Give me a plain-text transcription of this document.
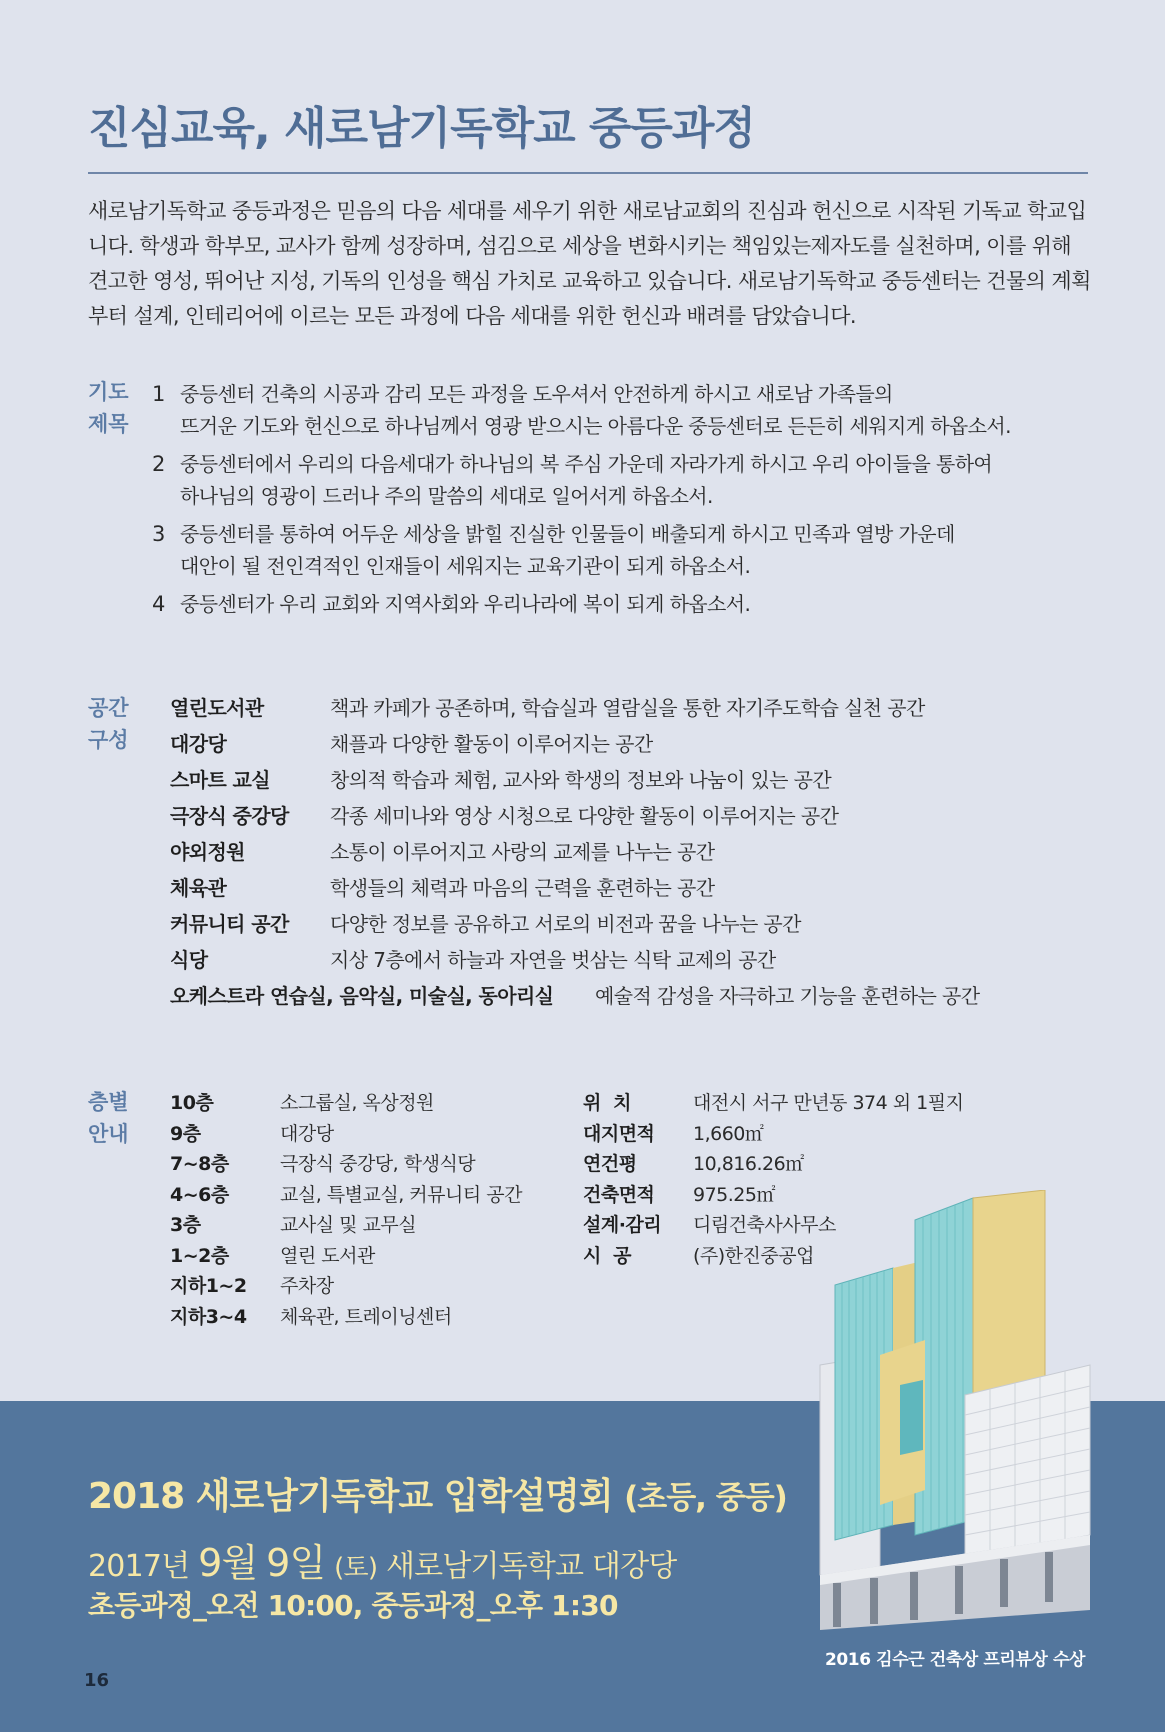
진심교육, 새로남기독학교 중등과정

새로남기독학교 중등과정은 믿음의 다음 세대를 세우기 위한 새로남교회의 진심과 헌신으로 시작된 기독교 학교입니다. 학생과 학부모, 교사가 함께 성장하며, 섬김으로 세상을 변화시키는 책임있는제자도를 실천하며, 이를 위해 견고한 영성, 뛰어난 지성, 기독의 인성을 핵심 가치로 교육하고 있습니다. 새로남기독학교 중등센터는 건물의 계획부터 설계, 인테리어에 이르는 모든 과정에 다음 세대를 위한 헌신과 배려를 담았습니다.

기도
제목
1 중등센터 건축의 시공과 감리 모든 과정을 도우셔서 안전하게 하시고 새로남 가족들의
뜨거운 기도와 헌신으로 하나님께서 영광 받으시는 아름다운 중등센터로 든든히 세워지게 하옵소서.
2 중등센터에서 우리의 다음세대가 하나님의 복 주심 가운데 자라가게 하시고 우리 아이들을 통하여
하나님의 영광이 드러나 주의 말씀의 세대로 일어서게 하옵소서.
3 중등센터를 통하여 어두운 세상을 밝힐 진실한 인물들이 배출되게 하시고 민족과 열방 가운데
대안이 될 전인격적인 인재들이 세워지는 교육기관이 되게 하옵소서.
4 중등센터가 우리 교회와 지역사회와 우리나라에 복이 되게 하옵소서.
공간
구성
열린도서관	책과 카페가 공존하며, 학습실과 열람실을 통한 자기주도학습 실천 공간
대강당	채플과 다양한 활동이 이루어지는 공간
스마트 교실	창의적 학습과 체험, 교사와 학생의 정보와 나눔이 있는 공간
극장식 중강당	각종 세미나와 영상 시청으로 다양한 활동이 이루어지는 공간
야외정원	소통이 이루어지고 사랑의 교제를 나누는 공간
체육관	학생들의 체력과 마음의 근력을 훈련하는 공간
커뮤니티 공간	다양한 정보를 공유하고 서로의 비전과 꿈을 나누는 공간
식당	지상 7층에서 하늘과 자연을 벗삼는 식탁 교제의 공간
오케스트라 연습실, 음악실, 미술실, 동아리실	예술적 감성을 자극하고 기능을 훈련하는 공간
층별
안내
10층	소그룹실, 옥상정원
9층	대강당
7~8층	극장식 중강당, 학생식당
4~6층	교실, 특별교실, 커뮤니티 공간
3층	교사실 및 교무실
1~2층	열린 도서관
지하1~2	주차장
지하3~4	체육관, 트레이닝센터
위  치	대전시 서구 만년동 374 외 1필지
대지면적	1,660㎡
연건평	10,816.26㎡
건축면적	975.25㎡
설계·감리	디림건축사사무소
시  공	(주)한진중공업
2018 새로남기독학교 입학설명회 (초등, 중등)
2017년 9월 9일 (토) 새로남기독학교 대강당
초등과정_오전 10:00, 중등과정_오후 1:30
2016 김수근 건축상 프리뷰상 수상
16
